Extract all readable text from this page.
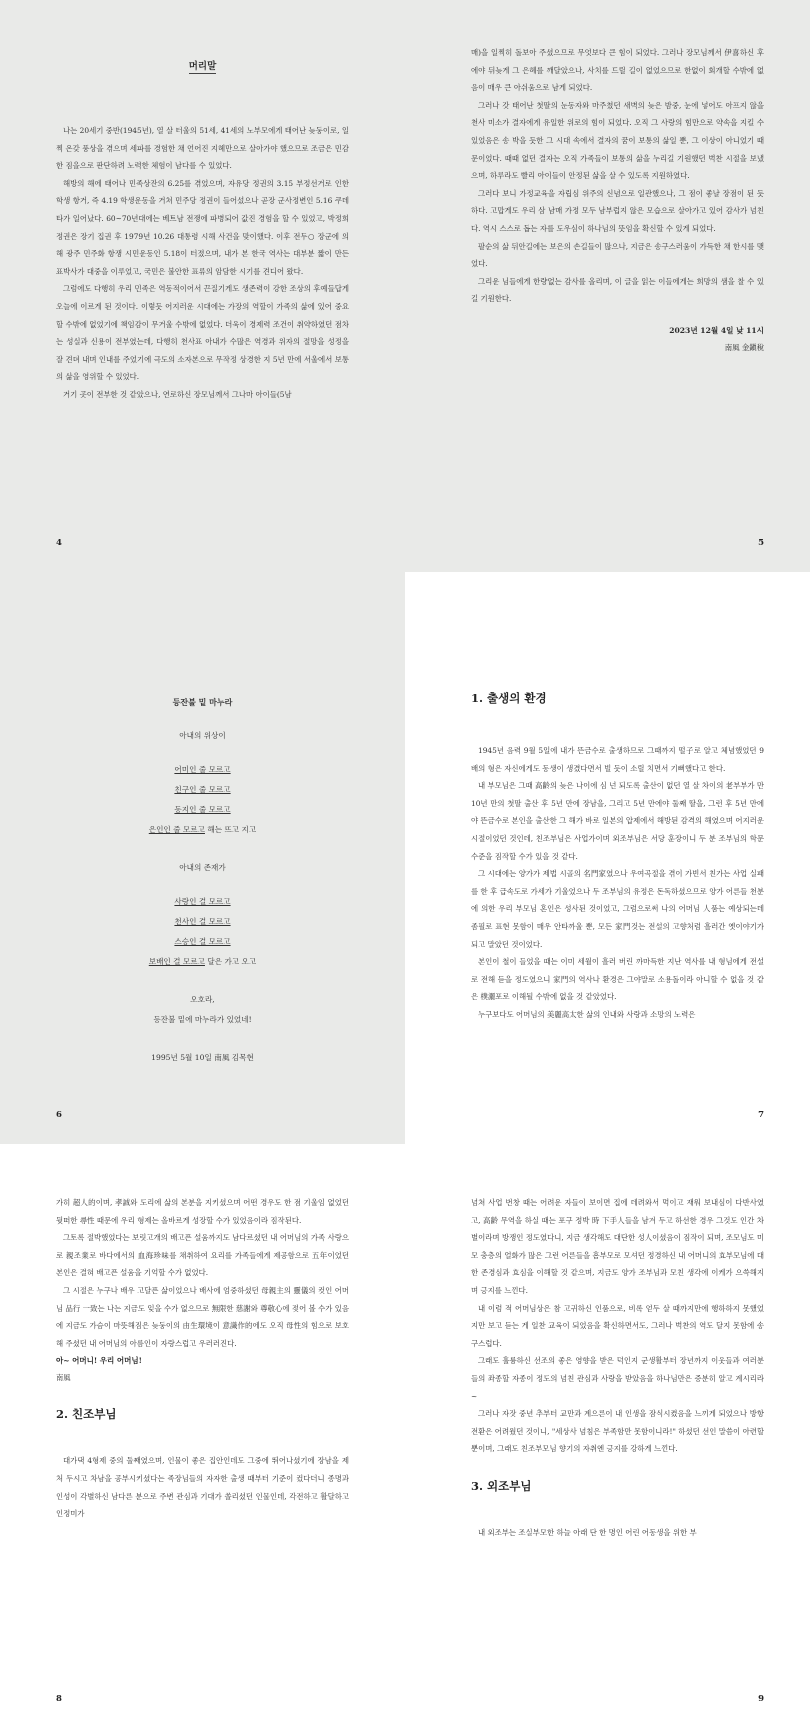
머리말

나는 20세기 중반(1945년), 열 살 터울의 51세, 41세의 노부모에게 태어난 늦둥이로, 일찍 온갖 풍상을 겪으며 세파를 경험한 채 언어진 지혜만으로 살아가야 했으므로 조금은 민감한 짐을으로 판단하려 노력한 체험이 남다를 수 있었다.

해방의 해에 태어나 민족상잔의 6.25를 겪었으며, 자유당 정권의 3.15 부정선거로 인한 학생 항거, 즉 4.19 학생운동을 거쳐 민주당 정권이 들어섰으나 곧장 군사정변인 5.16 쿠데타가 일어났다. 60~70년대에는 베트남 전쟁에 파병되어 값진 경험을 할 수 있었고, 박정희 정권은 장기 집권 후 1979년 10.26 대통령 시해 사건을 맞이했다. 이후 전두○ 장군에 의해 광주 민주화 항쟁 시민운동인 5.18이 터졌으며, 내가 본 한국 역사는 대부분 짧이 만든 표박사가 대중을 이루었고, 국민은 불안한 표류의 암담한 시기를 견디어 왔다.

그럼에도 다행히 우리 민족은 역동적이어서 끈질기게도 생존력이 강한 조상의 후예들답게 오늘에 이르게 된 것이다. 이렇듯 어지러운 시대에는 가장의 역할이 가족의 삶에 있어 중요할 수밖에 없었기에 책임감이 무거울 수밖에 없었다. 더욱이 경제력 조건이 취약하였던 점차는 성실과 신용이 전부였는데, 다행히 천사표 아내가 수많은 역경과 위자의 절망을 성정을 잘 견뎌 내며 인내를 주었기에 극도의 소자본으로 무작정 상경한 지 5년 만에 서울에서 보통의 삶을 영위할 수 있었다.

거기 곳이 전부한 것 같았으나, 연로하신 장모님께서 그나마 아이들(5남

4

매)을 일찍히 돌보아 주셨으므로 무엇보다 큰 힘이 되었다. 그러나 장모님께서 伊喜하신 후에야 뒤늦게 그 은혜를 깨달았으나, 사치를 드릴 길이 없었으므로 한없이 회개할 수밖에 없음이 매우 큰 아쉬움으로 남게 되었다.

그러나 갓 태어난 첫딸의 눈동자와 마주쳤던 새벽의 늦은 밤중, 눈에 넣어도 아프지 않을 천사 미소가 결자에게 유일한 위로의 힘이 되었다. 오직 그 사랑의 힘만으로 약속을 지킬 수 있었음은 송 박을 듯한 그 시대 속에서 결자의 꿈이 보통의 삶일 뿐, 그 이상이 아니었기 때문이었다. 때때 없던 결자는 오직 가족들이 보통의 삶을 누리길 기원했던 벅찬 시절을 보냈으며, 하루라도 빨리 아이들이 안정된 삶을 살 수 있도록 지원하였다.

그러다 보니 가정교육을 자립심 위주의 신념으로 일관했으나, 그 점이 좋날 장점이 된 듯하다. 고맙게도 우리 삼 남매 가정 모두 남부럽지 않은 모습으로 살아가고 있어 감사가 넘친다. 역시 스스로 돕는 자를 도우심이 하나님의 뜻임을 확신할 수 있게 되었다.

팔순의 삶 뒤안길에는 보은의 손길들이 많으나, 지금은 송구스러움이 가득한 채 한시를 맺었다.

그리운 님들에게 한량없는 감사를 올리며, 이 글을 읽는 이들에게는 희망의 샘을 찰 수 있길 기원한다.

2023년 12월 4일 낮 11시
南風 金鎭稅
5
등잔불 밑 마누라
아내의 위상이
어미인 줄 모르고
친구인 줄 모르고
동지인 줄 모르고
은인인 줄 모르고 해는 뜨고 지고
아내의 존재가
사랑인 걸 모르고
천사인 걸 모르고
스승인 걸 모르고
보배인 걸 모르고 달은 가고 오고
오호라,
등잔불 밑에 마누라가 있었네!
1995년 5월 10일 南風 김목현
6
1. 출생의 환경

1945년 음력 9월 5일에 내가 뜬금수로 출생하므로 그때까지 떨子로 알고 체념했었던 9배의 형은 자신에게도 동생이 생겼다면서 빌 듯이 소릴 치면서 기뻐했다고 한다.

내 부모님은 그때 高齡의 늦은 나이에 심 넌 되도록 출산이 없던 열 살 차이의 老부부가 만 10년 만의 첫딸 출산 후 5년 만에 장남을, 그리고 5년 만에야 둘째 딸을, 그런 후 5년 만에야 뜬금수로 본인을 출산한 그 해가 바로 일본의 압제에서 해방된 감격의 해였으며 어지러운 시절이었던 것인데, 친조부님은 사업가이며 외조부님은 서당 훈장이니 두 분 조부님의 학문 수준을 짐작할 수가 있을 것 같다.

그 시대에는 양가가 제법 시골의 名門家였으나 우여곡절을 겪이 가빈서 친가는 사업 실패를 한 후 급속도로 가세가 기울었으나 두 조부님의 유정은 돈독하셨으므로 양가 어른들 천분에 의한 우리 부모님 혼인은 성사된 것이었고, 그럼으로써 나의 어머님 人품는 예상되는데 좀필로 표현 못함이 매우 안타까울 뿐, 모든 家門것는 전설의 고향처럼 흘러간 옛이야기가 되고 말았던 것이었다.

본인이 철이 들었을 때는 이미 세월이 흘러 버린 까마득한 지난 역사를 내 형님에게 전설로 전해 듣을 정도였으니 家門의 역사나 환경은 그야말로 소용돌이라 아니할 수 없을 것 같은 樸灑포로 이해될 수밖에 없을 것 같았었다.

누구보다도 어머님의 美麗高太한 삶의 인내와 사랑과 소망의 노력은

7

가히 超人的이며, 孝誠와 도리에 삶의 본분을 지키셨으며 어떤 경우도 한 점 기울임 없었던 뒷떠한 尋性 때문에 우리 형제는 올바르게 성장할 수가 있었음이라 짐작된다.

그토록 절박했었다는 보릿고개의 배고픈 설움까지도 남다르셨던 내 어머님의 가족 사랑으로 親조業로 바다에서의 血海珍味를 채취하여 요리를 가족들에게 제공함으로 五年이었던 본인은 결혀 배고픈 설움을 기억할 수가 없었다.

그 시절은 누구나 배우 고달픈 삶이었으나 배사에 엄중하셨던 母親主의 靈儀의 컷인 어머님 品行 一致는 나는 지금도 잊을 수가 없으므로 無限한 慈謝와 尊敬心에 젖어 볼 수가 있음에 지금도 가슴이 마뜻해짐은 늦둥이의 由生環境이 意識作的에도 오직 母性의 힘으로 보호해 주셨던 내 어머님의 아름인이 자랑스럽고 우러러진다.

아~ 어머니! 우리 어머님!
南風
2. 친조부님

대가댁 4형제 중의 둘째였으며, 인물이 좋은 집안인데도 그중에 뛰어나셨기에 장남을 제처 두시고 차남을 공부시키셨다는 족장님들의 자자한 출생 때부터 기준이 컸다더니 종명과 인성이 각별하신 남다른 분으로 주변 관심과 기대가 쏠리셨던 인물인데, 각전하고 활달하고 인정미가

8

넘쳐 사업 번창 때는 어려운 자들이 보이면 집에 데려와서 먹이고 재워 보내심이 다반사였고, 高齡 무역을 하실 때는 포구 정박 時 下手人들을 남겨 두고 하선한 경우 그것도 인간 차별이라며 방쟁인 정도였다니, 지금 생각해도 대단한 성人이셨음이 짐작이 되며, 조모님도 미모 충층의 얼화가 많은 그런 어른들을 흠부모로 모셔던 정경하신 내 어머니의 효부모님에 대한 존경심과 효심을 이해할 것 같으며, 지금도 양가 조부님과 모친 생각에 이케가 으쓱해지며 긍지를 느낀다.

내 이럼 적 어머님상은 참 고귀하신 인품으로, 비록 얻두 살 때까지만에 행하하지 못했었지만 보고 듣는 게 일찬 교육이 되었음을 확신하면서도, 그러나 벅찬의 역도 달지 못함에 송구스럽다.

그래도 훌륭하신 선조의 좋은 영향을 받은 덕인지 군생활부터 장년까지 이웃들과 여러분들의 좌종할 자종이 정도의 넘친 관심과 사랑을 받았음을 하나님만은 증분히 알고 계시리라~

그러나 자잣 중년 추부터 교만과 계으른이 내 인생을 잠식시켰음을 느끼게 되었으나 방항 전환은 어려웠던 것이니, "세상사 넘침은 부족함만 못함이니라!" 하셨던 선인 말씀이 아련할 뿐이며, 그래도 친조부모님 향기의 자취엔 긍지를 강하게 느낀다.

3. 외조부님

내 외조부는 조실부모한 하늘 아래 단 한 명인 어린 어동생을 위한 부

9
